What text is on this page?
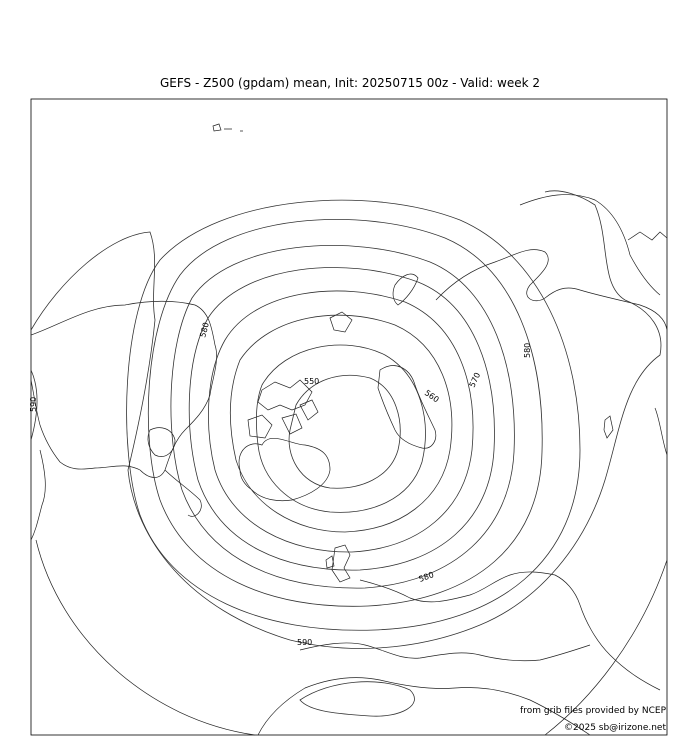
GEFS - Z500 (gpdam) mean, Init: 20250715 00z - Valid: week 2
550
560
570
580
580
580
590
590
from grib files provided by NCEP
©2025 sb@irizone.net
